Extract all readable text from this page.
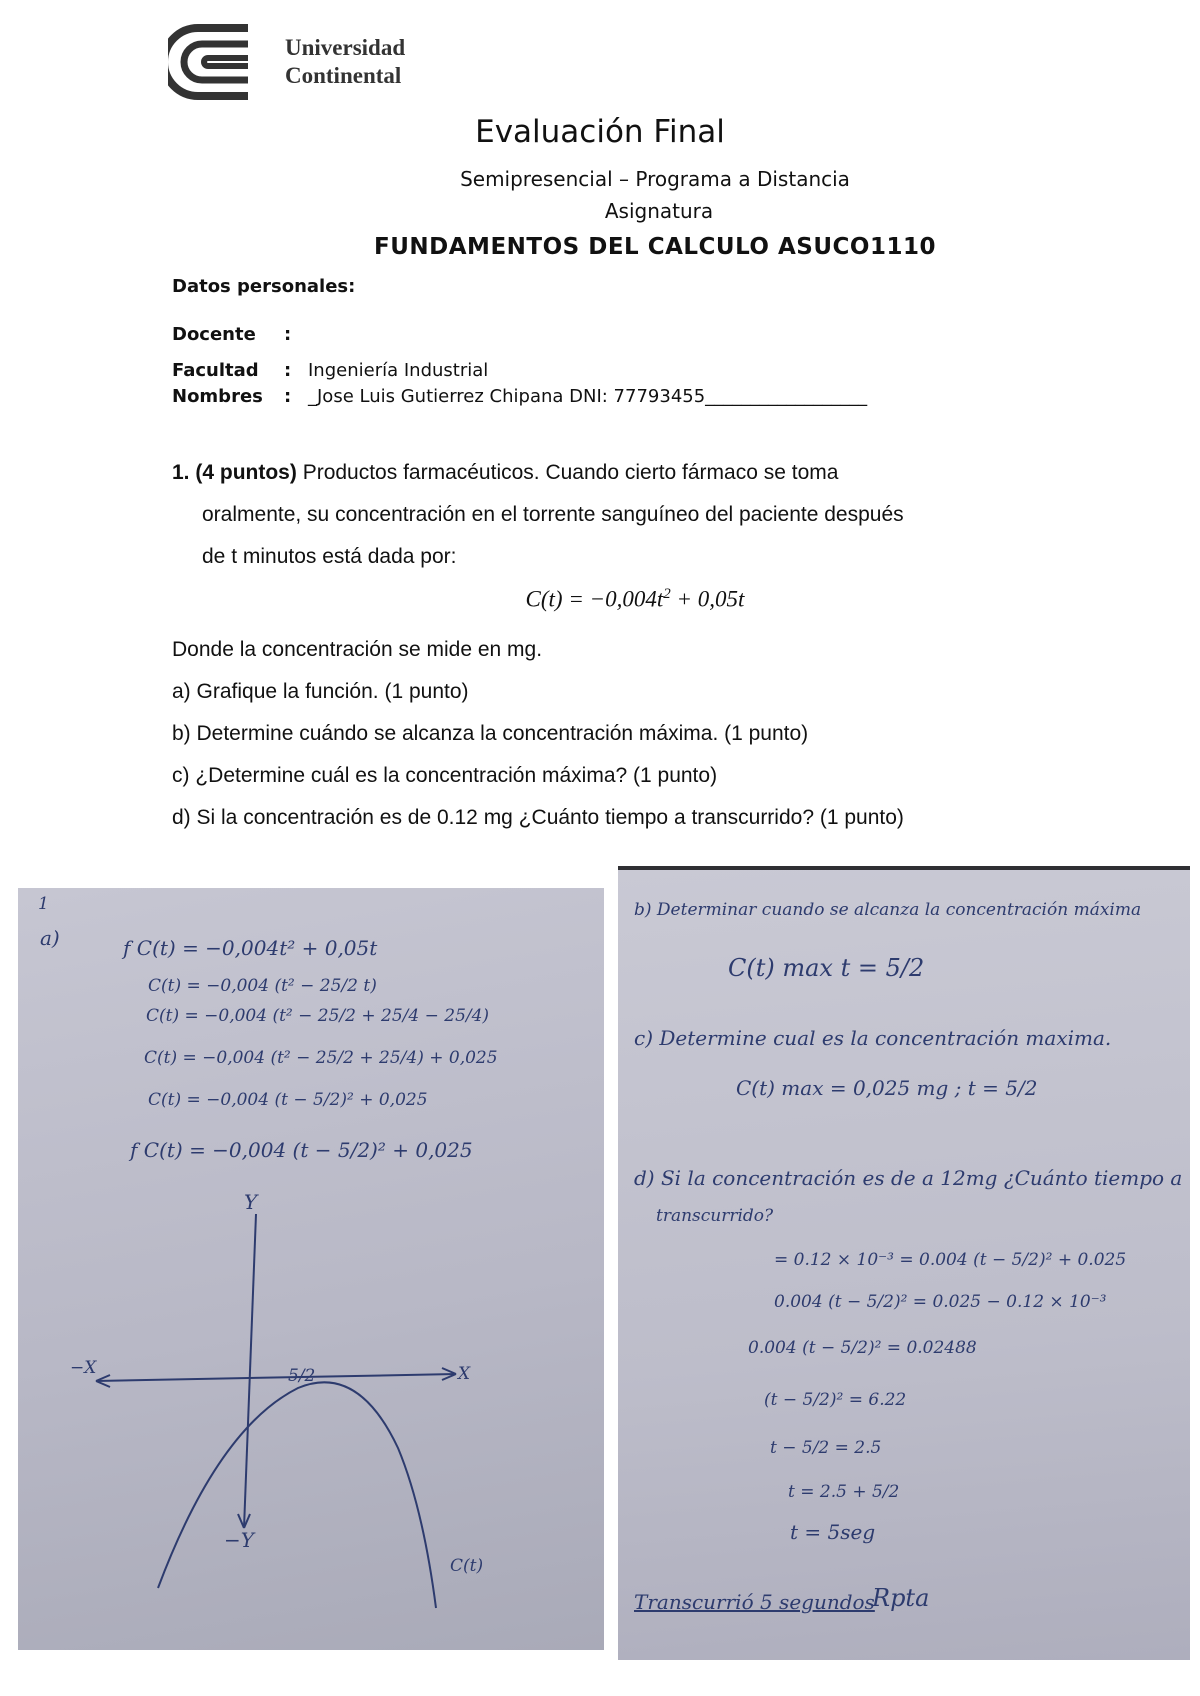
Universidad
Continental
Evaluación Final
Semipresencial – Programa a Distancia
Asignatura
FUNDAMENTOS DEL CALCULO ASUCO1110
Datos personales:
Docente :
Facultad : Ingeniería Industrial
Nombres : _Jose Luis Gutierrez Chipana DNI: 77793455__________________
1. (4 puntos) Productos farmacéuticos. Cuando cierto fármaco se toma
oralmente, su concentración en el torrente sanguíneo del paciente después
de t minutos está dada por:
$C(t) = -0,004t^2 + 0,05t$
Donde la concentración se mide en mg.
a) Grafique la función. (1 punto)
b) Determine cuándo se alcanza la concentración máxima. (1 punto)
c) ¿Determine cuál es la concentración máxima? (1 punto)
d) Si la concentración es de 0.12 mg ¿Cuánto tiempo a transcurrido? (1 punto)
1
a)	f C(t) = −0,004t² + 0,05t
C(t) = −0,004 (t² − 25/2 t)
C(t) = −0,004 (t² − 25/2 + 25/4 − 25/4)
C(t) = −0,004 (t² − 25/2 + 25/4) + 0,025
C(t) = −0,004 (t − 5/2)² + 0,025
f C(t) = −0,004 (t − 5/2)² + 0,025
Y
−Y
X
−X	5/2
C(t)
b) Determinar cuando se alcanza la concentración máxima
C(t) max t = 5/2
c) Determine cual es la concentración maxima.
C(t) max = 0,025 mg ; t = 5/2
d) Si la concentración es de a 12mg ¿Cuánto tiempo a
transcurrido?
= 0.12 × 10⁻³ = 0.004 (t − 5/2)² + 0.025
0.004 (t − 5/2)² = 0.025 − 0.12 × 10⁻³
0.004 (t − 5/2)² = 0.02488
(t − 5/2)² = 6.22
t − 5/2 = 2.5
t = 2.5 + 5/2
t = 5seg
Transcurrió 5 segundos
Rpta
